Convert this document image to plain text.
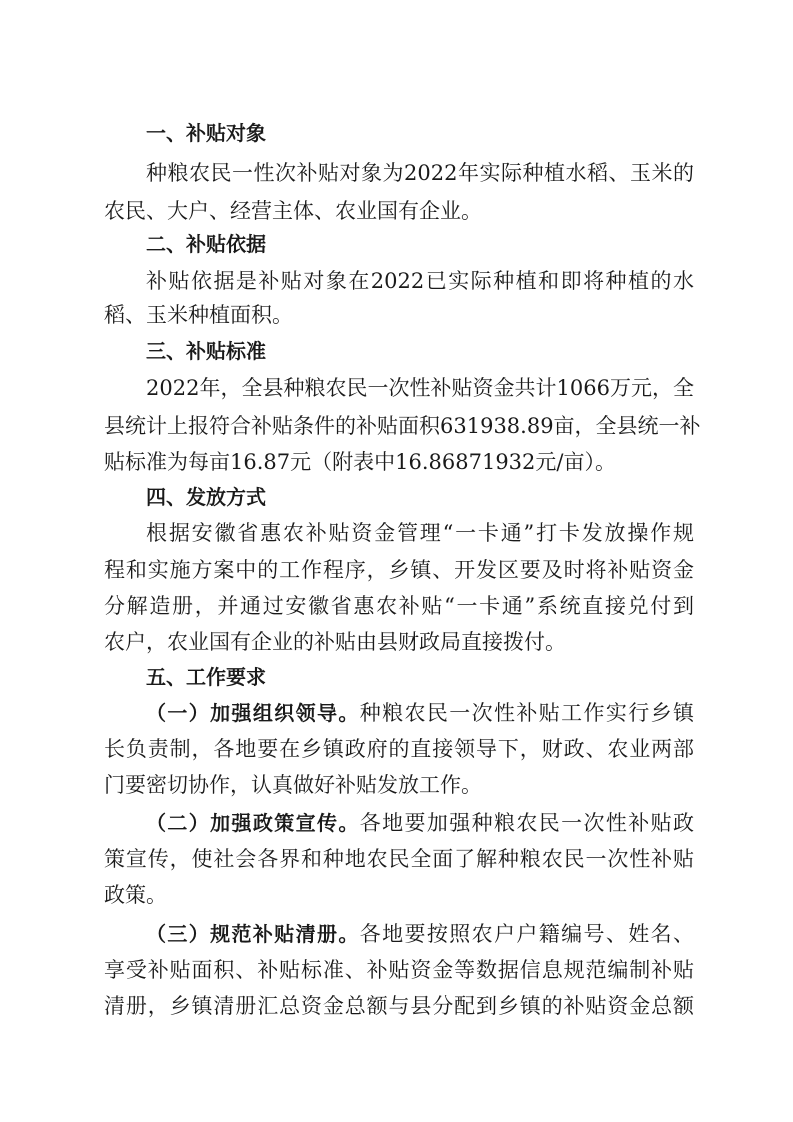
一、补贴对象
种粮农民一性次补贴对象为2022年实际种植水稻、玉米的
农民、大户、经营主体、农业国有企业。
二、补贴依据
补贴依据是补贴对象在2022已实际种植和即将种植的水
稻、玉米种植面积。
三、补贴标准
2022年，全县种粮农民一次性补贴资金共计1066万元，全
县统计上报符合补贴条件的补贴面积631938.89亩，全县统一补
贴标准为每亩16.87元（附表中16.86871932元/亩）。
四、发放方式
根据安徽省惠农补贴资金管理“一卡通”打卡发放操作规
程和实施方案中的工作程序，乡镇、开发区要及时将补贴资金
分解造册，并通过安徽省惠农补贴“一卡通”系统直接兑付到
农户，农业国有企业的补贴由县财政局直接拨付。
五、工作要求
（一）加强组织领导。种粮农民一次性补贴工作实行乡镇
长负责制，各地要在乡镇政府的直接领导下，财政、农业两部
门要密切协作，认真做好补贴发放工作。
（二）加强政策宣传。各地要加强种粮农民一次性补贴政
策宣传，使社会各界和种地农民全面了解种粮农民一次性补贴
政策。
（三）规范补贴清册。各地要按照农户户籍编号、姓名、
享受补贴面积、补贴标准、补贴资金等数据信息规范编制补贴
清册，乡镇清册汇总资金总额与县分配到乡镇的补贴资金总额
